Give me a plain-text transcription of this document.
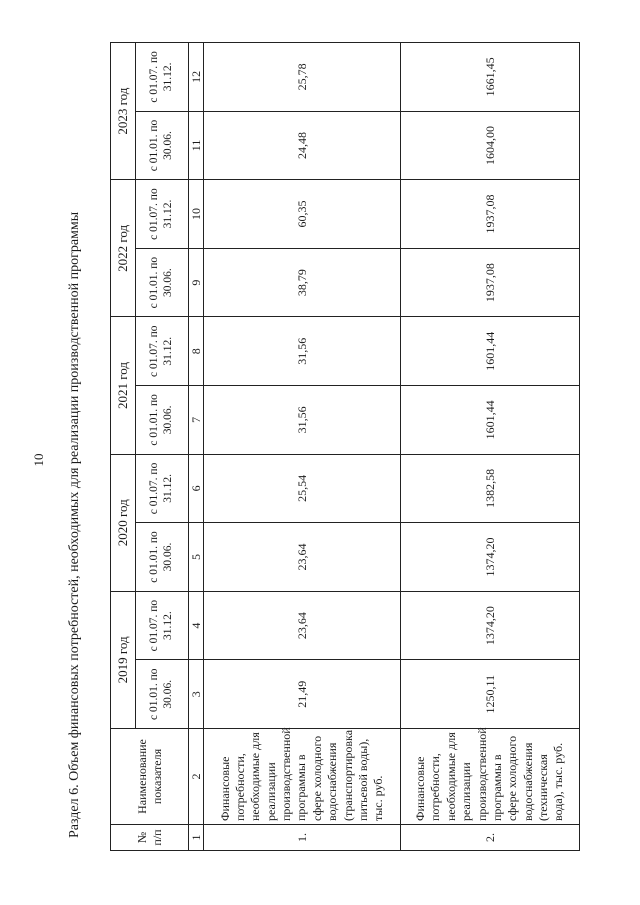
10 Раздел 6. Объем финансовых потребностей, необходимых для реализации производственной программы	№ п/п	Наименование показателя	2019 год		2020 год		2021 год		2022 год		2023 год	
		с 01.01. по 30.06.	с 01.07. по 31.12.	с 01.01. по 30.06.	с 01.07. по 31.12.	с 01.01. по 30.06.	с 01.07. по 31.12.	с 01.01. по 30.06.	с 01.07. по 31.12.	с 01.01. по 30.06.	с 01.07. по 31.12.
1	2	3	4	5	6	7	8	9	10	11	12
1.	Финансовые потребности, необходимые для реализации производственной программы в сфере холодного водоснабжения (транспортировка питьевой воды), тыс. руб.	21,49	23,64	23,64	25,54	31,56	31,56	38,79	60,35	24,48	25,78
2.	Финансовые потребности, необходимые для реализации производственной программы в сфере холодного водоснабжения (техническая вода), тыс. руб.	1250,11	1374,20	1374,20	1382,58	1601,44	1601,44	1937,08	1937,08	1604,00	1661,45
